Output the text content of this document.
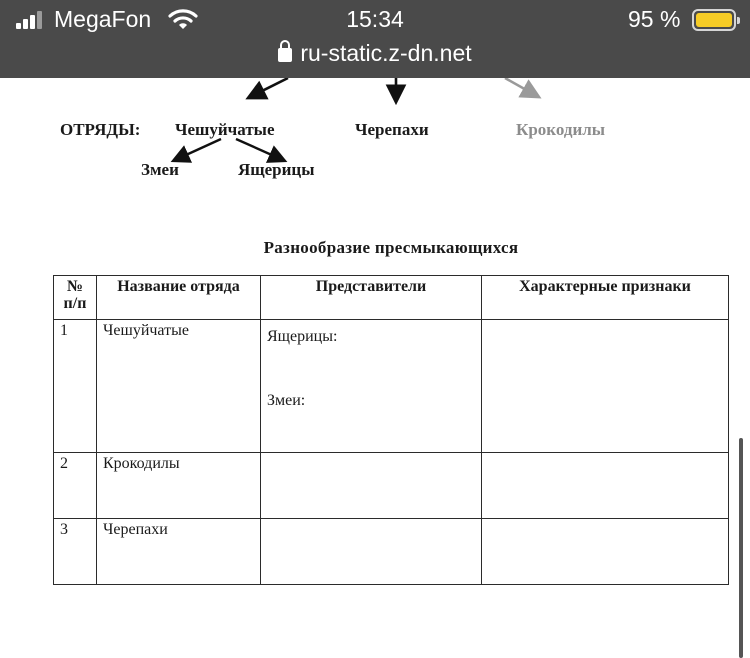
MegaFon	15:34	95 %
ru-static.z-dn.net
ОТРЯДЫ: Чешуйчатые	Черепахи	Крокодилы
Змеи	Ящерицы
Разнообразие пресмыкающихся
№ п/п	Название отряда	Представители	Характерные признаки
1	Чешуйчатые	Ящерицы:
Змеи:	

2	Крокодилы		
3	Черепахи		
